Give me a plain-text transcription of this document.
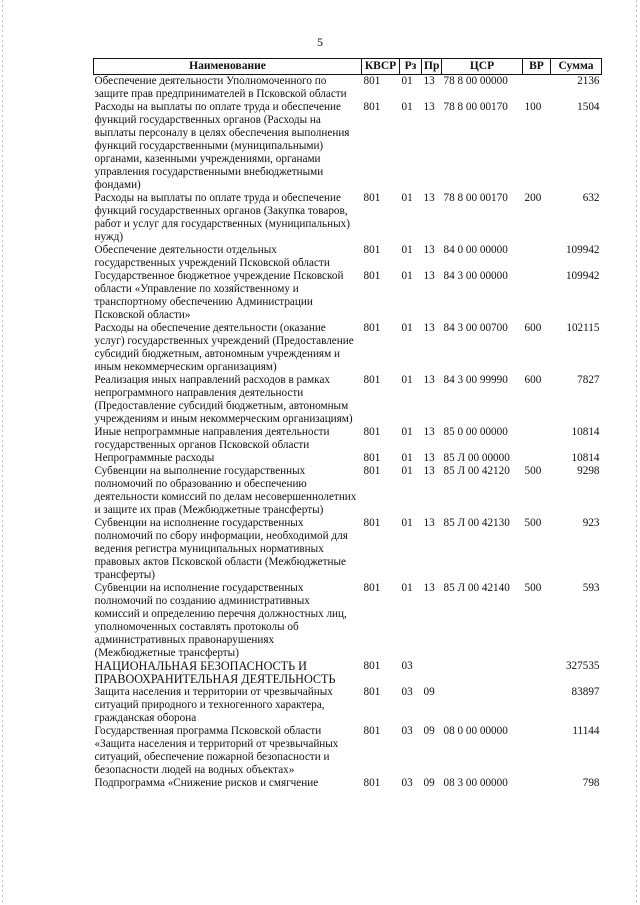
5
Наименование	КВСР	Рз	Пр	ЦСР	ВР	Сумма
Обеспечение деятельности Уполномоченного по защите прав предпринимателей в Псковской области	801	01	13	78 8 00 00000		2136
Расходы на выплаты по оплате труда и обеспечение функций государственных органов (Расходы на выплаты персоналу в целях обеспечения выполнения функций государственными (муниципальными) органами, казенными учреждениями, органами управления государственными внебюджетными фондами)	801	01	13	78 8 00 00170	100	1504
Расходы на выплаты по оплате труда и обеспечение функций государственных органов (Закупка товаров, работ и услуг для государственных (муниципальных) нужд)	801	01	13	78 8 00 00170	200	632
Обеспечение деятельности отдельных государственных учреждений Псковской области	801	01	13	84 0 00 00000		109942
Государственное бюджетное учреждение Псковской области «Управление по хозяйственному и транспортному обеспечению Администрации Псковской области»	801	01	13	84 3 00 00000		109942
Расходы на обеспечение деятельности (оказание услуг) государственных учреждений (Предоставление субсидий бюджетным, автономным учреждениям и иным некоммерческим организациям)	801	01	13	84 3 00 00700	600	102115
Реализация иных направлений расходов в рамках непрограммного направления деятельности (Предоставление субсидий бюджетным, автономным учреждениям и иным некоммерческим организациям)	801	01	13	84 3 00 99990	600	7827
Иные непрограммные направления деятельности государственных органов Псковской области	801	01	13	85 0 00 00000		10814
Непрограммные расходы	801	01	13	85 Л 00 00000		10814
Субвенции на выполнение государственных полномочий по образованию и обеспечению деятельности комиссий по делам несовершеннолетних и защите их прав (Межбюджетные трансферты)	801	01	13	85 Л 00 42120	500	9298
Субвенции на исполнение государственных полномочий по сбору информации, необходимой для ведения регистра муниципальных нормативных правовых актов Псковской области (Межбюджетные трансферты)	801	01	13	85 Л 00 42130	500	923
Субвенции на исполнение государственных полномочий по созданию административных комиссий и определению перечня должностных лиц, уполномоченных составлять протоколы об административных правонарушениях (Межбюджетные трансферты)	801	01	13	85 Л 00 42140	500	593
НАЦИОНАЛЬНАЯ БЕЗОПАСНОСТЬ И ПРАВООХРАНИТЕЛЬНАЯ ДЕЯТЕЛЬНОСТЬ	801	03				327535
Защита населения и территории от чрезвычайных ситуаций природного и техногенного характера, гражданская оборона	801	03	09			83897
Государственная программа Псковской области «Защита населения и территорий от чрезвычайных ситуаций, обеспечение пожарной безопасности и безопасности людей на водных объектах»	801	03	09	08 0 00 00000		11144
Подпрограмма «Снижение рисков и смягчение	801	03	09	08 3 00 00000		798
